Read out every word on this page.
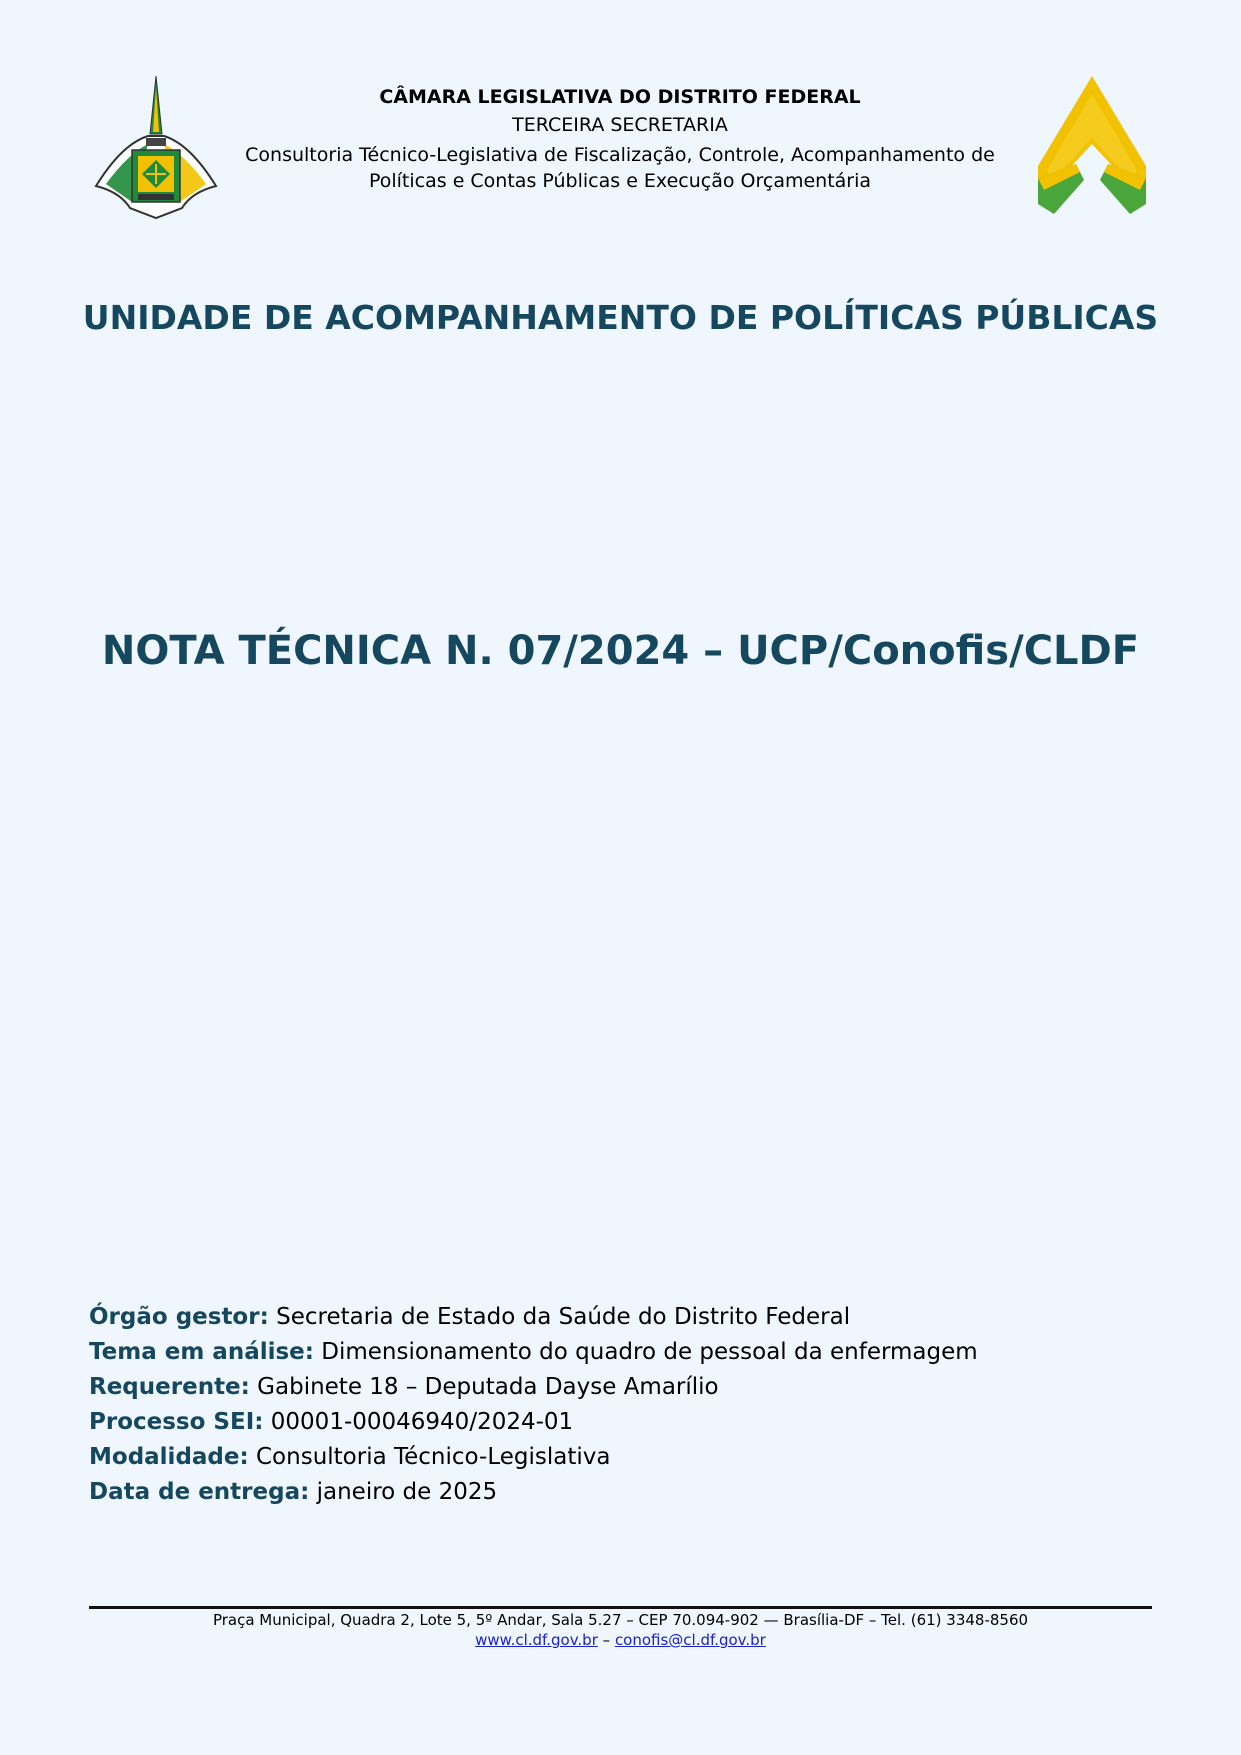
CÂMARA LEGISLATIVA DO DISTRITO FEDERAL
TERCEIRA SECRETARIA
Consultoria Técnico-Legislativa de Fiscalização, Controle, Acompanhamento de
Políticas e Contas Públicas e Execução Orçamentária
UNIDADE DE ACOMPANHAMENTO DE POLÍTICAS PÚBLICAS
NOTA TÉCNICA N. 07/2024 – UCP/Conofis/CLDF
Órgão gestor: Secretaria de Estado da Saúde do Distrito Federal
Tema em análise: Dimensionamento do quadro de pessoal da enfermagem
Requerente: Gabinete 18 – Deputada Dayse Amarílio
Processo SEI: 00001-00046940/2024-01
Modalidade: Consultoria Técnico-Legislativa
Data de entrega: janeiro de 2025
Praça Municipal, Quadra 2, Lote 5, 5º Andar, Sala 5.27 – CEP 70.094-902 — Brasília-DF – Tel. (61) 3348-8560
www.cl.df.gov.br – conofis@cl.df.gov.br
